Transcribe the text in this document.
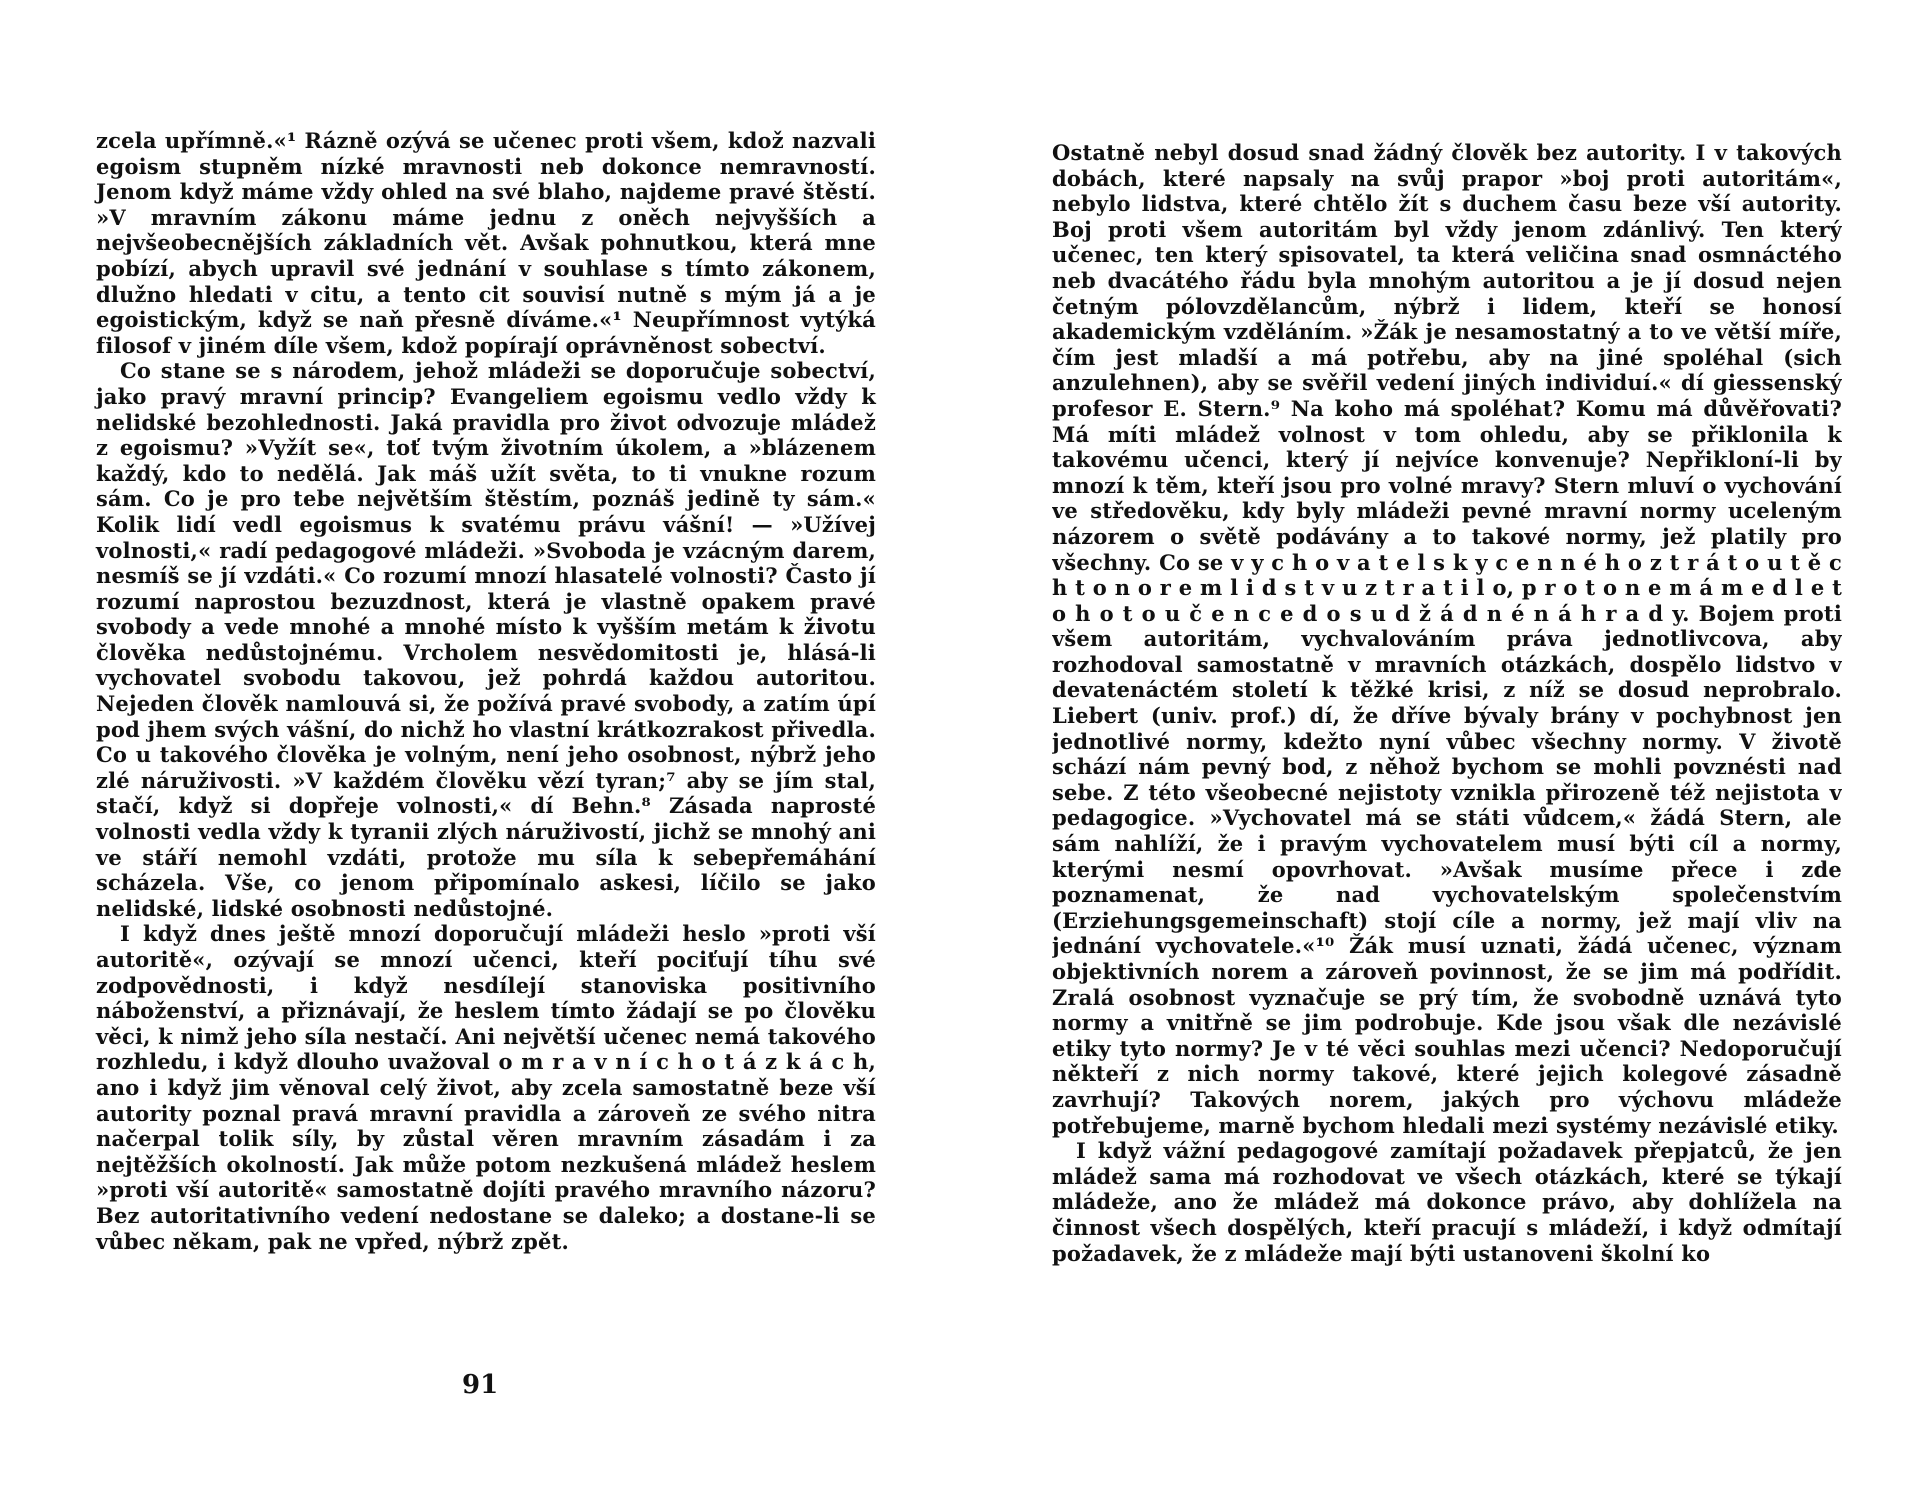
zcela upřímně.«¹ Rázně ozývá se učenec proti všem, kdož nazvali egoism stupněm nízké mravnosti neb dokonce nemravností. Jenom když máme vždy ohled na své blaho, najdeme pravé štěstí. »V mravním zákonu máme jednu z oněch nejvyšších a nejvšeobecnějších základních vět. Avšak pohnutkou, která mne pobízí, abych upravil své jednání v souhlase s tímto zákonem, dlužno hledati v citu, a tento cit souvisí nutně s mým já a je egoistickým, když se naň přesně díváme.«¹ Neupřímnost vytýká filosof v jiném díle všem, kdož popírají oprávněnost sobectví.

Co stane se s národem, jehož mládeži se doporučuje sobectví, jako pravý mravní princip? Evangeliem egoismu vedlo vždy k nelidské bezohlednosti. Jaká pravidla pro život odvozuje mládež z egoismu? »Vyžít se«, toť tvým životním úkolem, a »blázenem každý, kdo to nedělá. Jak máš užít světa, to ti vnukne rozum sám. Co je pro tebe největším štěstím, poznáš jedině ty sám.« Kolik lidí vedl egoismus k svatému právu vášní! — »Užívej volnosti,« radí pedagogové mládeži. »Svoboda je vzácným darem, nesmíš se jí vzdáti.« Co rozumí mnozí hlasatelé volnosti? Často jí rozumí naprostou bezuzdnost, která je vlastně opakem pravé svobody a vede mnohé a mnohé místo k vyšším metám k životu člověka nedůstojnému. Vrcholem nesvědomitosti je, hlásá-li vychovatel svobodu takovou, jež pohrdá každou autoritou. Nejeden člověk namlouvá si, že požívá pravé svobody, a zatím úpí pod jhem svých vášní, do nichž ho vlastní krátkozrakost přivedla. Co u takového člověka je volným, není jeho osobnost, nýbrž jeho zlé náruživosti. »V každém člověku vězí tyran;⁷ aby se jím stal, stačí, když si dopřeje volnosti,« dí Behn.⁸ Zásada naprosté volnosti vedla vždy k tyranii zlých náruživostí, jichž se mnohý ani ve stáří nemohl vzdáti, protože mu síla k sebepřemáhání scházela. Vše, co jenom připomínalo askesi, líčilo se jako nelidské, lidské osobnosti nedůstojné.

I když dnes ještě mnozí doporučují mládeži heslo »proti vší autoritě«, ozývají se mnozí učenci, kteří pociťují tíhu své zodpovědnosti, i když nesdílejí stanoviska positivního náboženství, a přiznávají, že heslem tímto žádají se po člověku věci, k nimž jeho síla nestačí. Ani největší učenec nemá takového rozhledu, i když dlouho uvažoval o m r a v n í c h o t á z k á c h, ano i když jim věnoval celý život, aby zcela samostatně beze vší autority poznal pravá mravní pravidla a zároveň ze svého nitra načerpal tolik síly, by zůstal věren mravním zásadám i za nejtěžších okolností. Jak může potom nezkušená mládež heslem »proti vší autoritě« samostatně dojíti pravého mravního názoru? Bez autoritativního vedení nedostane se daleko; a dostane-li se vůbec někam, pak ne vpřed, nýbrž zpět.

91

Ostatně nebyl dosud snad žádný člověk bez autority. I v takových dobách, které napsaly na svůj prapor »boj proti autoritám«, nebylo lidstva, které chtělo žít s duchem času beze vší autority. Boj proti všem autoritám byl vždy jenom zdánlivý. Ten který učenec, ten který spisovatel, ta která veličina snad osmnáctého neb dvacátého řádu byla mnohým autoritou a je jí dosud nejen četným pólovzdělancům, nýbrž i lidem, kteří se honosí akademickým vzděláním. »Žák je nesamostatný a to ve větší míře, čím jest mladší a má potřebu, aby na jiné spoléhal (sich anzulehnen), aby se svěřil vedení jiných individuí.« dí giessenský profesor E. Stern.⁹ Na koho má spoléhat? Komu má důvěřovati? Má míti mládež volnost v tom ohledu, aby se přiklonila k takovému učenci, který jí nejvíce konvenuje? Nepřikloní-li by mnozí k těm, kteří jsou pro volné mravy? Stern mluví o vychování ve středověku, kdy byly mládeži pevné mravní normy uceleným názorem o světě podávány a to takové normy, jež platily pro všechny. Co se v y c h o v a t e l s k y c e n n é h o z t r á t o u t ě c h t o n o r e m l i d s t v u z t r a t i l o, p r o t o n e m á m e d l e t o h o t o u č e n c e d o s u d ž á d n é n á h r a d y. Bojem proti všem autoritám, vychvalováním práva jednotlivcova, aby rozhodoval samostatně v mravních otázkách, dospělo lidstvo v devatenáctém století k těžké krisi, z níž se dosud neprobralo. Liebert (univ. prof.) dí, že dříve bývaly brány v pochybnost jen jednotlivé normy, kdežto nyní vůbec všechny normy. V životě schází nám pevný bod, z něhož bychom se mohli povznésti nad sebe. Z této všeobecné nejistoty vznikla přirozeně též nejistota v pedagogice. »Vychovatel má se státi vůdcem,« žádá Stern, ale sám nahlíží, že i pravým vychovatelem musí býti cíl a normy, kterými nesmí opovrhovat. »Avšak musíme přece i zde poznamenat, že nad vychovatelským společenstvím (Erziehungsgemeinschaft) stojí cíle a normy, jež mají vliv na jednání vychovatele.«¹⁰ Žák musí uznati, žádá učenec, význam objektivních norem a zároveň povinnost, že se jim má podřídit. Zralá osobnost vyznačuje se prý tím, že svobodně uznává tyto normy a vnitřně se jim podrobuje. Kde jsou však dle nezávislé etiky tyto normy? Je v té věci souhlas mezi učenci? Nedoporučují někteří z nich normy takové, které jejich kolegové zásadně zavrhují? Takových norem, jakých pro výchovu mládeže potřebujeme, marně bychom hledali mezi systémy nezávislé etiky.

I když vážní pedagogové zamítají požadavek přepjatců, že jen mládež sama má rozhodovat ve všech otázkách, které se týkají mládeže, ano že mládež má dokonce právo, aby dohlížela na činnost všech dospělých, kteří pracují s mládeží, i když odmítají požadavek, že z mládeže mají býti ustanoveni školní ko
